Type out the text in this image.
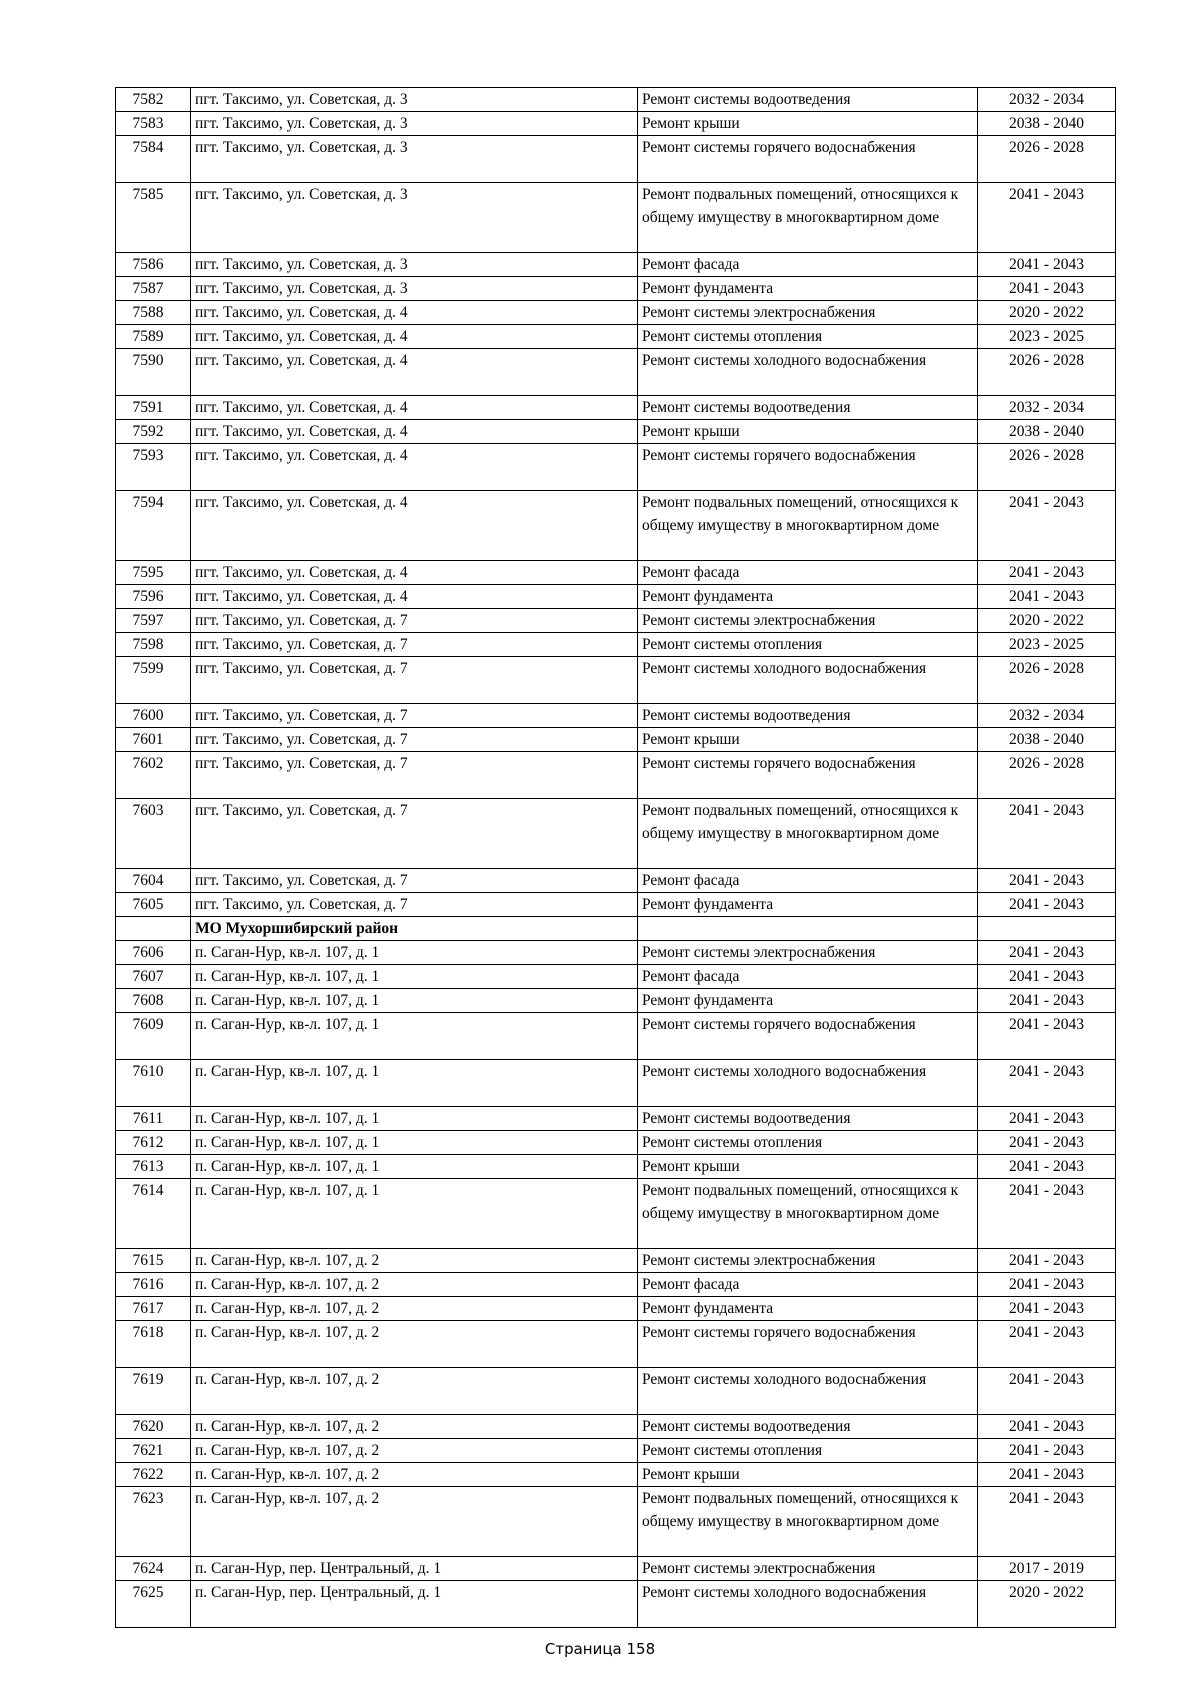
7582	пгт. Таксимо, ул. Советская, д. 3	Ремонт системы водоотведения	2032 - 2034
7583	пгт. Таксимо, ул. Советская, д. 3	Ремонт крыши	2038 - 2040
7584	пгт. Таксимо, ул. Советская, д. 3	Ремонт системы горячего водоснабжения	2026 - 2028
7585	пгт. Таксимо, ул. Советская, д. 3	Ремонт подвальных помещений, относящихся к общему имуществу в многоквартирном доме	2041 - 2043
7586	пгт. Таксимо, ул. Советская, д. 3	Ремонт фасада	2041 - 2043
7587	пгт. Таксимо, ул. Советская, д. 3	Ремонт фундамента	2041 - 2043
7588	пгт. Таксимо, ул. Советская, д. 4	Ремонт системы электроснабжения	2020 - 2022
7589	пгт. Таксимо, ул. Советская, д. 4	Ремонт системы отопления	2023 - 2025
7590	пгт. Таксимо, ул. Советская, д. 4	Ремонт системы холодного водоснабжения	2026 - 2028
7591	пгт. Таксимо, ул. Советская, д. 4	Ремонт системы водоотведения	2032 - 2034
7592	пгт. Таксимо, ул. Советская, д. 4	Ремонт крыши	2038 - 2040
7593	пгт. Таксимо, ул. Советская, д. 4	Ремонт системы горячего водоснабжения	2026 - 2028
7594	пгт. Таксимо, ул. Советская, д. 4	Ремонт подвальных помещений, относящихся к общему имуществу в многоквартирном доме	2041 - 2043
7595	пгт. Таксимо, ул. Советская, д. 4	Ремонт фасада	2041 - 2043
7596	пгт. Таксимо, ул. Советская, д. 4	Ремонт фундамента	2041 - 2043
7597	пгт. Таксимо, ул. Советская, д. 7	Ремонт системы электроснабжения	2020 - 2022
7598	пгт. Таксимо, ул. Советская, д. 7	Ремонт системы отопления	2023 - 2025
7599	пгт. Таксимо, ул. Советская, д. 7	Ремонт системы холодного водоснабжения	2026 - 2028
7600	пгт. Таксимо, ул. Советская, д. 7	Ремонт системы водоотведения	2032 - 2034
7601	пгт. Таксимо, ул. Советская, д. 7	Ремонт крыши	2038 - 2040
7602	пгт. Таксимо, ул. Советская, д. 7	Ремонт системы горячего водоснабжения	2026 - 2028
7603	пгт. Таксимо, ул. Советская, д. 7	Ремонт подвальных помещений, относящихся к общему имуществу в многоквартирном доме	2041 - 2043
7604	пгт. Таксимо, ул. Советская, д. 7	Ремонт фасада	2041 - 2043
7605	пгт. Таксимо, ул. Советская, д. 7	Ремонт фундамента	2041 - 2043
	МО Мухоршибирский район		
7606	п. Саган-Нур, кв-л. 107, д. 1	Ремонт системы электроснабжения	2041 - 2043
7607	п. Саган-Нур, кв-л. 107, д. 1	Ремонт фасада	2041 - 2043
7608	п. Саган-Нур, кв-л. 107, д. 1	Ремонт фундамента	2041 - 2043
7609	п. Саган-Нур, кв-л. 107, д. 1	Ремонт системы горячего водоснабжения	2041 - 2043
7610	п. Саган-Нур, кв-л. 107, д. 1	Ремонт системы холодного водоснабжения	2041 - 2043
7611	п. Саган-Нур, кв-л. 107, д. 1	Ремонт системы водоотведения	2041 - 2043
7612	п. Саган-Нур, кв-л. 107, д. 1	Ремонт системы отопления	2041 - 2043
7613	п. Саган-Нур, кв-л. 107, д. 1	Ремонт крыши	2041 - 2043
7614	п. Саган-Нур, кв-л. 107, д. 1	Ремонт подвальных помещений, относящихся к общему имуществу в многоквартирном доме	2041 - 2043
7615	п. Саган-Нур, кв-л. 107, д. 2	Ремонт системы электроснабжения	2041 - 2043
7616	п. Саган-Нур, кв-л. 107, д. 2	Ремонт фасада	2041 - 2043
7617	п. Саган-Нур, кв-л. 107, д. 2	Ремонт фундамента	2041 - 2043
7618	п. Саган-Нур, кв-л. 107, д. 2	Ремонт системы горячего водоснабжения	2041 - 2043
7619	п. Саган-Нур, кв-л. 107, д. 2	Ремонт системы холодного водоснабжения	2041 - 2043
7620	п. Саган-Нур, кв-л. 107, д. 2	Ремонт системы водоотведения	2041 - 2043
7621	п. Саган-Нур, кв-л. 107, д. 2	Ремонт системы отопления	2041 - 2043
7622	п. Саган-Нур, кв-л. 107, д. 2	Ремонт крыши	2041 - 2043
7623	п. Саган-Нур, кв-л. 107, д. 2	Ремонт подвальных помещений, относящихся к общему имуществу в многоквартирном доме	2041 - 2043
7624	п. Саган-Нур, пер. Центральный, д. 1	Ремонт системы электроснабжения	2017 - 2019
7625	п. Саган-Нур, пер. Центральный, д. 1	Ремонт системы холодного водоснабжения	2020 - 2022
Страница 158
